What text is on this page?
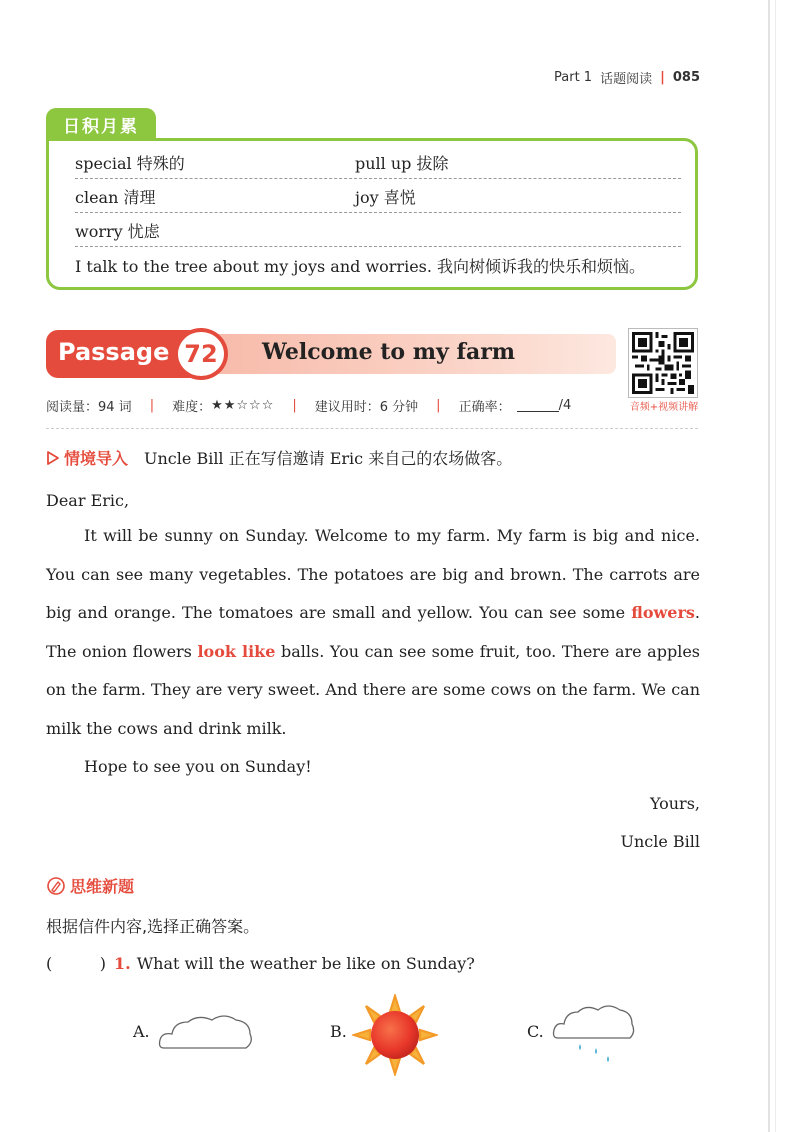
Part 1 话题阅读 | 085
日积月累
special 特殊的	pull up 拔除
clean 清理	joy 喜悦
worry 忧虑
I talk to the tree about my joys and worries. 我向树倾诉我的快乐和烦恼。
Passage 72	Welcome to my farm
音频+视频讲解
阅读量：94 词 | 难度： ★★☆☆☆ | 建议用时：6 分钟 | 正确率：	/4
情境导入 Uncle Bill 正在写信邀请 Eric 来自己的农场做客。
Dear Eric,
It will be sunny on Sunday. Welcome to my farm. My farm is big and nice. You can see many vegetables. The potatoes are big and brown. The carrots are big and orange. The tomatoes are small and yellow. You can see some flowers. The onion flowers look like balls. You can see some fruit, too. There are apples on the farm. They are very sweet. And there are some cows on the farm. We can milk the cows and drink milk.
Hope to see you on Sunday!
Yours,
Uncle Bill
思维新题
根据信件内容,选择正确答案。
(	) 1. What will the weather be like on Sunday?
A.	B.	C.
